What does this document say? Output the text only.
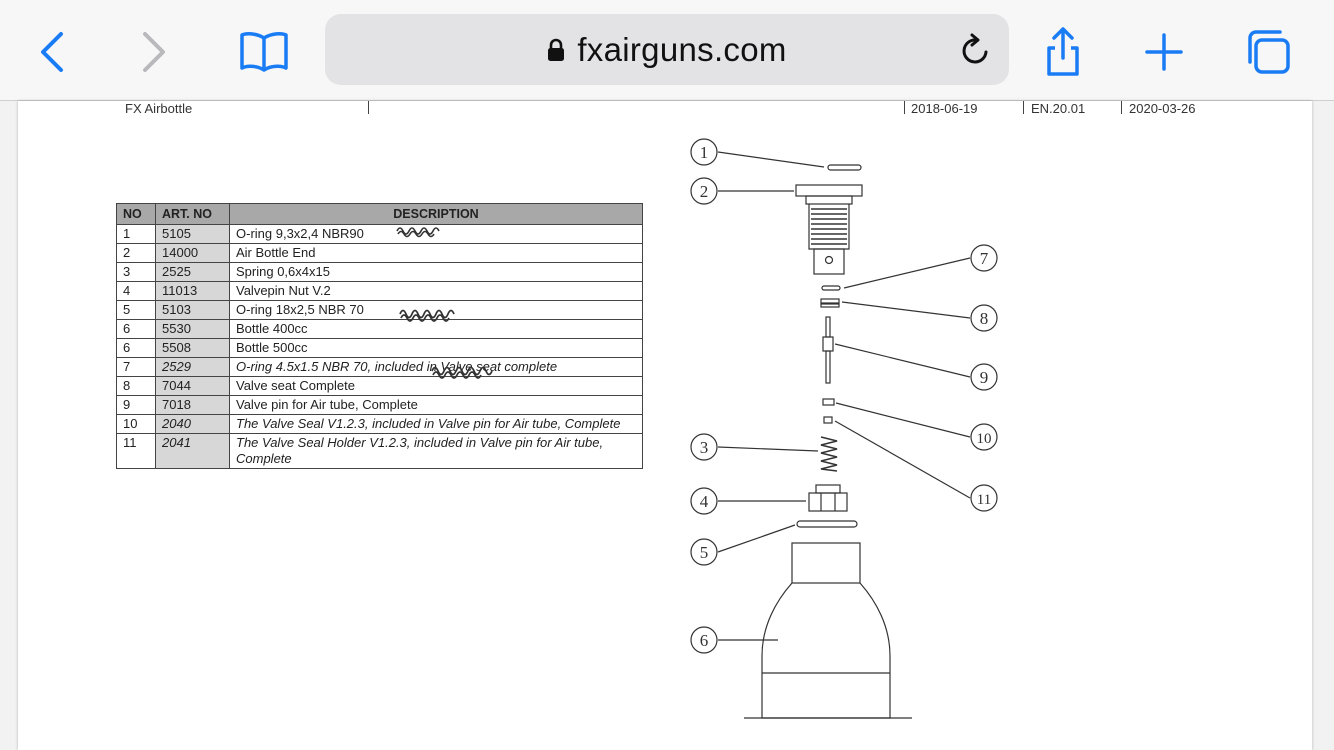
fxairguns.com
FX Airbottle	2018-06-19	EN.20.01	2020-03-26
NO	ART. NO	DESCRIPTION
1	5105	O-ring 9,3x2,4 NBR90
2	14000	Air Bottle End
3	2525	Spring 0,6x4x15
4	11013	Valvepin Nut V.2
5	5103	O-ring 18x2,5 NBR 70
6	5530	Bottle 400cc
6	5508	Bottle 500cc
7	2529	O-ring 4.5x1.5 NBR 70, included in Valve seat complete
8	7044	Valve seat Complete
9	7018	Valve pin for Air tube, Complete
10	2040	The Valve Seal V1.2.3, included in Valve pin for Air tube, Complete
11	2041	The Valve Seal Holder V1.2.3, included in Valve pin for Air tube, Complete
1
2
3
4
5
6
7
8
9
10
11
